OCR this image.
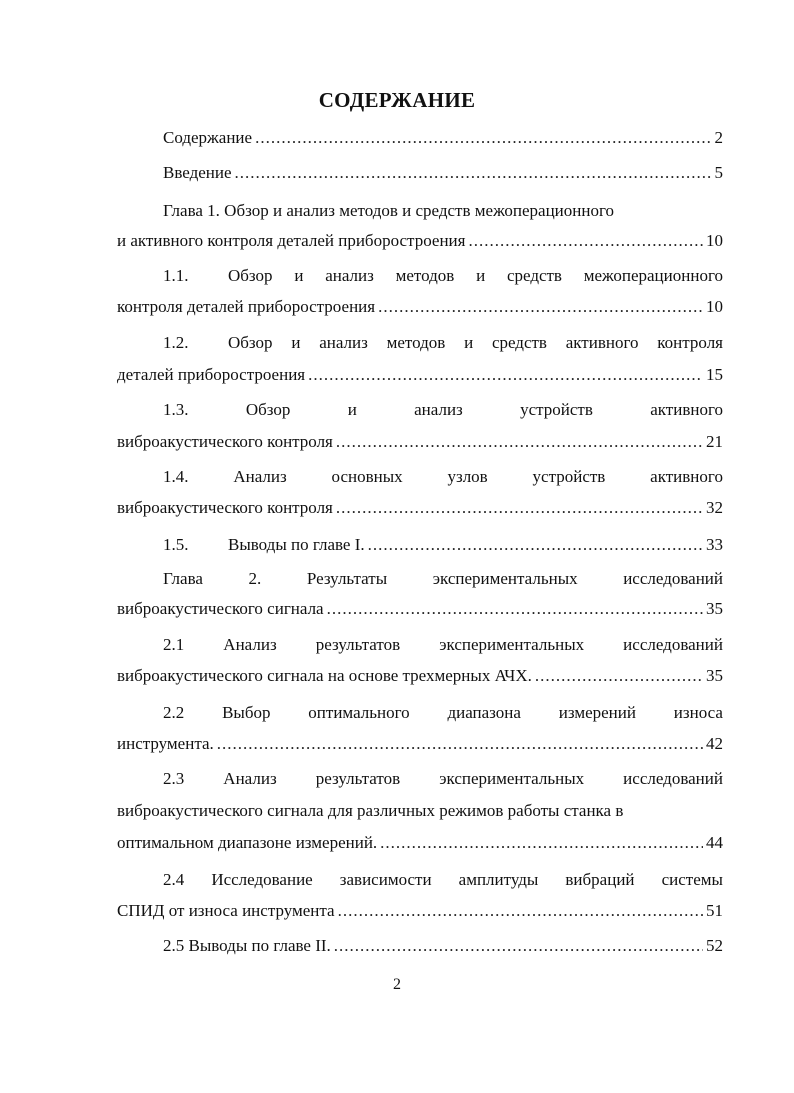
СОДЕРЖАНИЕ
Содержание .....	2
Введение .....	5
Глава 1. Обзор и анализ методов и средств межоперационного
и активного контроля деталей приборостроения .....	10
1.1.	Обзор и анализ методов и средств межоперационного
контроля деталей приборостроения .....	10
1.2.	Обзор и анализ методов и средств активного контроля
деталей приборостроения .....	15
1.3.	Обзор	и	анализ	устройств	активного
виброакустического контроля .....	21
1.4.	Анализ	основных	узлов	устройств	активного
виброакустического контроля .....	32
1.5.	Выводы по главе I. .....	33
Глава	2.	Результаты	экспериментальных	исследований
виброакустического сигнала .....	35
2.1 Анализ результатов экспериментальных исследований
виброакустического сигнала на основе трехмерных АЧХ. .....	35
2.2 Выбор оптимального диапазона измерений износа
инструмента. .....	42
2.3 Анализ результатов экспериментальных исследований
виброакустического сигнала для различных режимов работы станка в
оптимальном диапазоне измерений. .....	44
2.4 Исследование зависимости амплитуды вибраций системы
СПИД от износа инструмента .....	51
2.5 Выводы по главе II. .....	52
2
